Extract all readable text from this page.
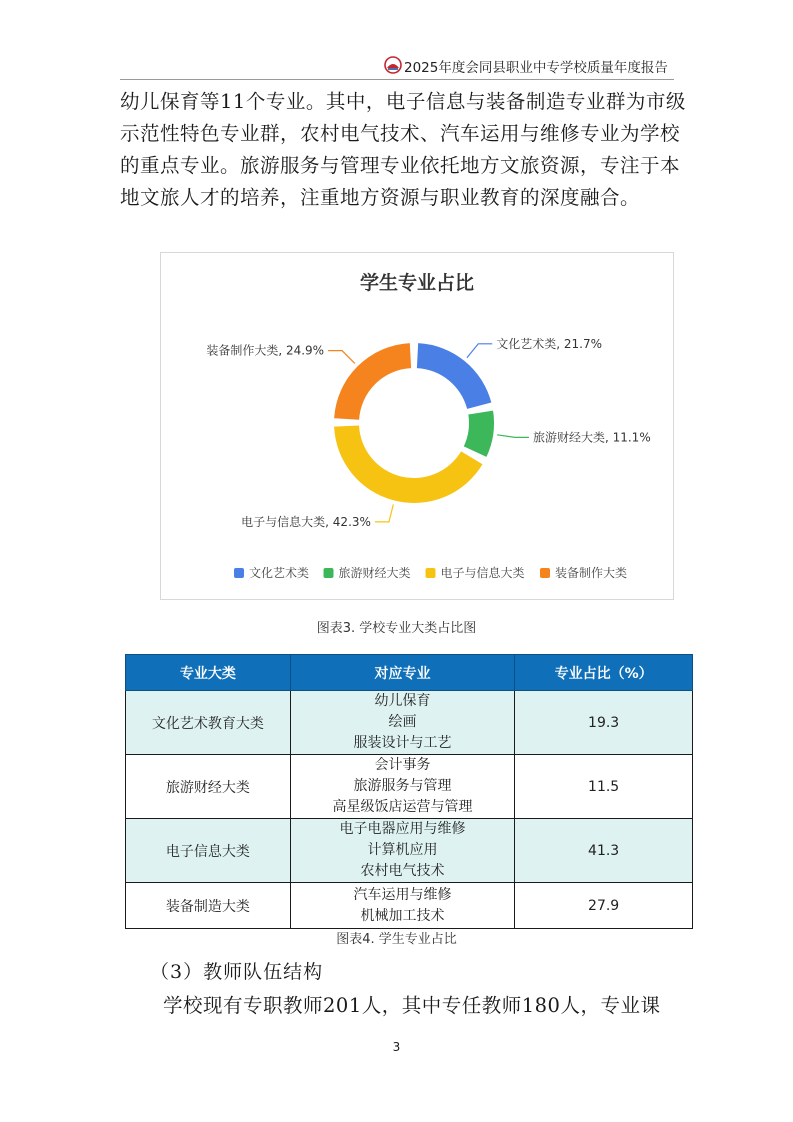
2025年度会同县职业中专学校质量年度报告
幼儿保育等11个专业。其中，电子信息与装备制造专业群为市级
示范性特色专业群，农村电气技术、汽车运用与维修专业为学校
的重点专业。旅游服务与管理专业依托地方文旅资源，专注于本
地文旅人才的培养，注重地方资源与职业教育的深度融合。
学生专业占比
文化艺术类, 21.7%
旅游财经大类, 11.1%
电子与信息大类, 42.3%
装备制作大类, 24.9%
文化艺术类 旅游财经大类 电子与信息大类	装备制作大类
图表3. 学校专业大类占比图
专业大类	对应专业	专业占比（%）
文化艺术教育大类	幼儿保育
绘画
服装设计与工艺	19.3
旅游财经大类	会计事务
旅游服务与管理
高星级饭店运营与管理	11.5
电子信息大类	电子电器应用与维修
计算机应用
农村电气技术	41.3
装备制造大类	汽车运用与维修
机械加工技术	27.9
图表4. 学生专业占比
（3）教师队伍结构
学校现有专职教师201人，其中专任教师180人，专业课
3
